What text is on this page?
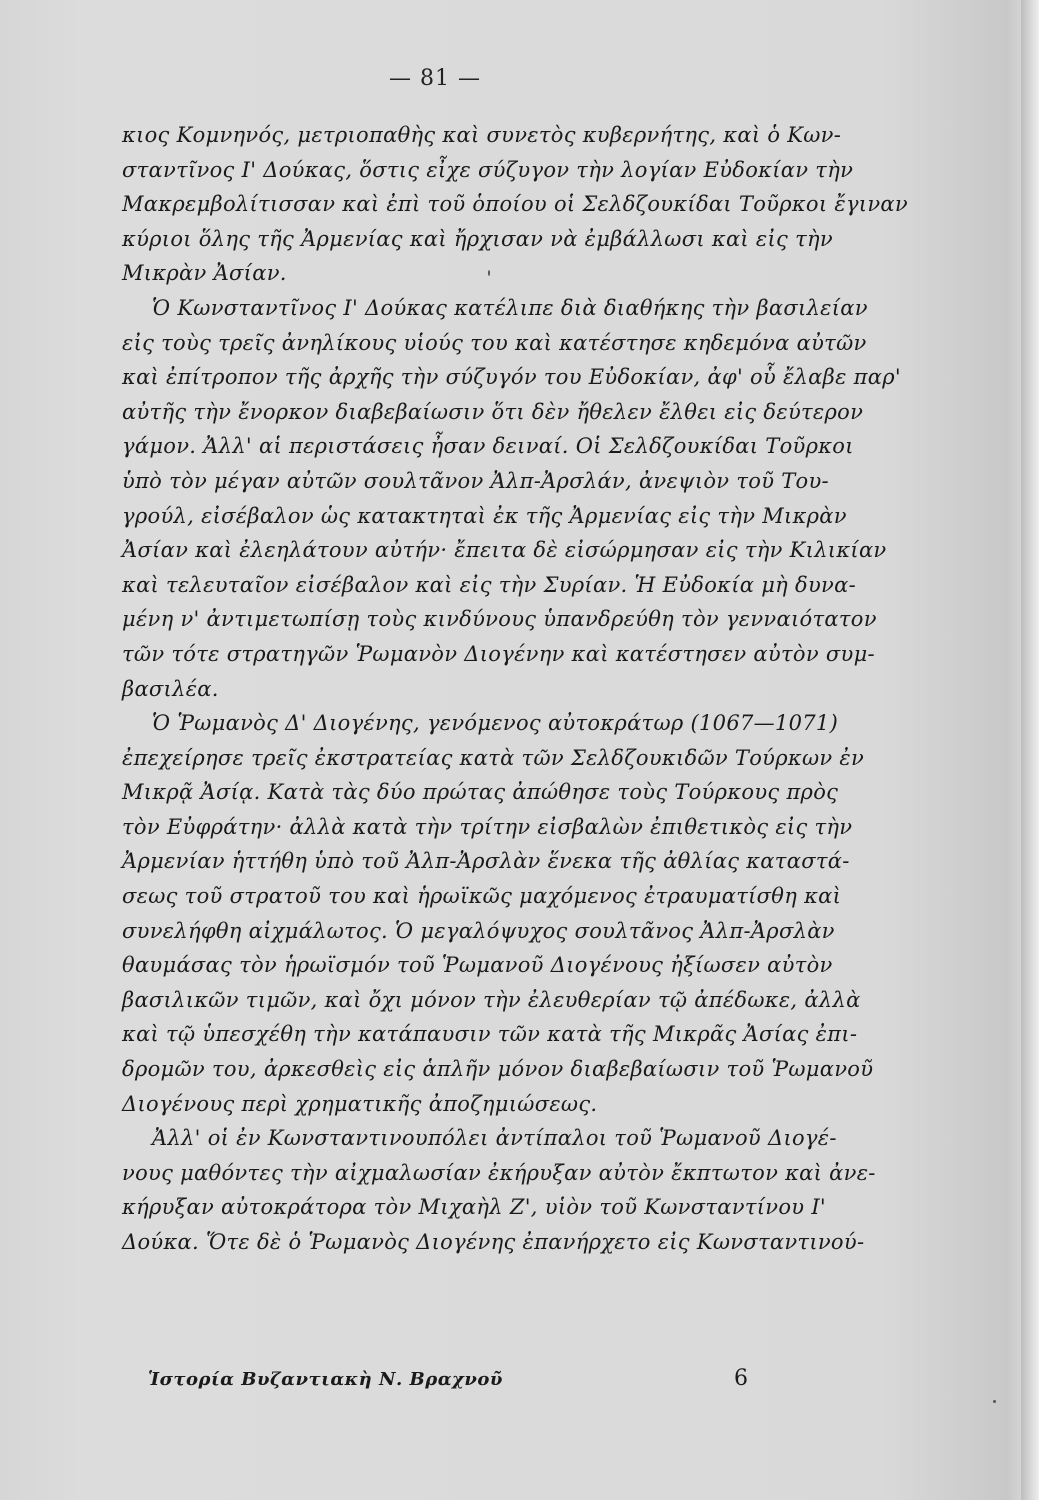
— 81 —
κιος Κομνηνός, μετριοπαθὴς καὶ συνετὸς κυβερνήτης, καὶ ὁ Κων-
σταντῖνος Ι' Δούκας, ὅστις εἶχε σύζυγον τὴν λογίαν Εὐδοκίαν τὴν
Μακρεμβολίτισσαν καὶ ἐπὶ τοῦ ὁποίου οἱ Σελδζουκίδαι Τοῦρκοι ἔγιναν
κύριοι ὅλης τῆς Ἀρμενίας καὶ ἤρχισαν νὰ ἐμβάλλωσι καὶ εἰς τὴν
Μικρὰν Ἀσίαν.
Ὁ Κωνσταντῖνος Ι' Δούκας κατέλιπε διὰ διαθήκης τὴν βασιλείαν
εἰς τοὺς τρεῖς ἀνηλίκους υἱούς του καὶ κατέστησε κηδεμόνα αὐτῶν
καὶ ἐπίτροπον τῆς ἀρχῆς τὴν σύζυγόν του Εὐδοκίαν, ἀφ' οὗ ἔλαβε παρ'
αὐτῆς τὴν ἔνορκον διαβεβαίωσιν ὅτι δὲν ἤθελεν ἔλθει εἰς δεύτερον
γάμον. Ἀλλ' αἱ περιστάσεις ἦσαν δειναί. Οἱ Σελδζουκίδαι Τοῦρκοι
ὑπὸ τὸν μέγαν αὐτῶν σουλτᾶνον Ἀλπ-Ἀρσλάν, ἀνεψιὸν τοῦ Του-
γρούλ, εἰσέβαλον ὡς κατακτηταὶ ἐκ τῆς Ἀρμενίας εἰς τὴν Μικρὰν
Ἀσίαν καὶ ἐλεηλάτουν αὐτήν· ἔπειτα δὲ εἰσώρμησαν εἰς τὴν Κιλικίαν
καὶ τελευταῖον εἰσέβαλον καὶ εἰς τὴν Συρίαν. Ἡ Εὐδοκία μὴ δυνα-
μένη ν' ἀντιμετωπίσῃ τοὺς κινδύνους ὑπανδρεύθη τὸν γενναιότατον
τῶν τότε στρατηγῶν Ῥωμανὸν Διογένην καὶ κατέστησεν αὐτὸν συμ-
βασιλέα.
Ὁ Ῥωμανὸς Δ' Διογένης, γενόμενος αὐτοκράτωρ (1067—1071)
ἐπεχείρησε τρεῖς ἐκστρατείας κατὰ τῶν Σελδζουκιδῶν Τούρκων ἐν
Μικρᾷ Ἀσίᾳ. Κατὰ τὰς δύο πρώτας ἀπώθησε τοὺς Τούρκους πρὸς
τὸν Εὐφράτην· ἀλλὰ κατὰ τὴν τρίτην εἰσβαλὼν ἐπιθετικὸς εἰς τὴν
Ἀρμενίαν ἡττήθη ὑπὸ τοῦ Ἀλπ-Ἀρσλὰν ἕνεκα τῆς ἀθλίας καταστά-
σεως τοῦ στρατοῦ του καὶ ἡρωϊκῶς μαχόμενος ἐτραυματίσθη καὶ
συνελήφθη αἰχμάλωτος. Ὁ μεγαλόψυχος σουλτᾶνος Ἀλπ-Ἀρσλὰν
θαυμάσας τὸν ἡρωϊσμόν τοῦ Ῥωμανοῦ Διογένους ἠξίωσεν αὐτὸν
βασιλικῶν τιμῶν, καὶ ὄχι μόνον τὴν ἐλευθερίαν τῷ ἀπέδωκε, ἀλλὰ
καὶ τῷ ὑπεσχέθη τὴν κατάπαυσιν τῶν κατὰ τῆς Μικρᾶς Ἀσίας ἐπι-
δρομῶν του, ἀρκεσθεὶς εἰς ἁπλῆν μόνον διαβεβαίωσιν τοῦ Ῥωμανοῦ
Διογένους περὶ χρηματικῆς ἀποζημιώσεως.
Ἀλλ' οἱ ἐν Κωνσταντινουπόλει ἀντίπαλοι τοῦ Ῥωμανοῦ Διογέ-
νους μαθόντες τὴν αἰχμαλωσίαν ἐκήρυξαν αὐτὸν ἔκπτωτον καὶ ἀνε-
κήρυξαν αὐτοκράτορα τὸν Μιχαὴλ Ζ', υἱὸν τοῦ Κωνσταντίνου Ι'
Δούκα. Ὅτε δὲ ὁ Ῥωμανὸς Διογένης ἐπανήρχετο εἰς Κωνσταντινού-
Ἱστορία Βυζαντιακὴ Ν. Βραχνοῦ	6
